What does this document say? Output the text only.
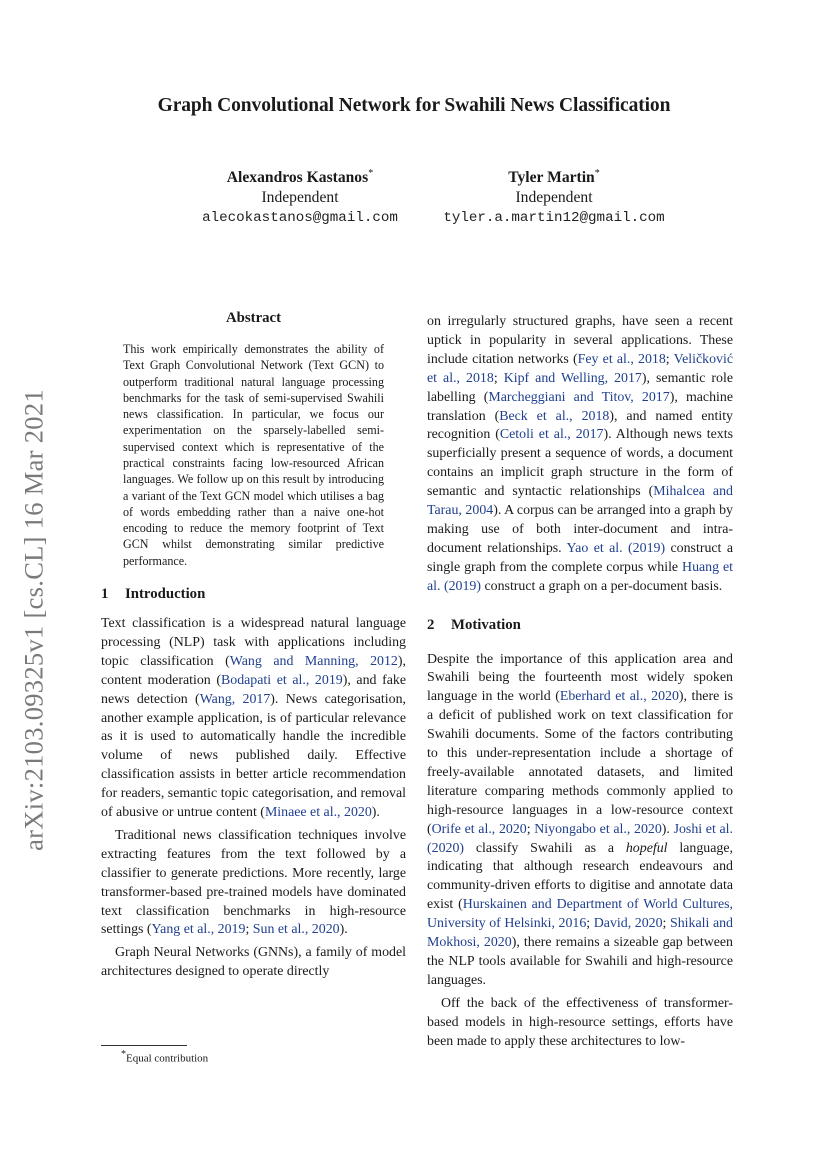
Graph Convolutional Network for Swahili News Classification
Alexandros Kastanos*
Independent
alecokastanos@gmail.com
Tyler Martin*
Independent
tyler.a.martin12@gmail.com
arXiv:2103.09325v1 [cs.CL] 16 Mar 2021
Abstract
This work empirically demonstrates the ability of Text Graph Convolutional Network (Text GCN) to outperform traditional natural language processing benchmarks for the task of semi-supervised Swahili news classification. In particular, we focus our experimentation on the sparsely-labelled semi-supervised context which is representative of the practical constraints facing low-resourced African languages. We follow up on this result by introducing a variant of the Text GCN model which utilises a bag of words embedding rather than a naive one-hot encoding to reduce the memory footprint of Text GCN whilst demonstrating similar predictive performance.
1 Introduction

Text classification is a widespread natural language processing (NLP) task with applications including topic classification (Wang and Manning, 2012), content moderation (Bodapati et al., 2019), and fake news detection (Wang, 2017). News categorisation, another example application, is of particular relevance as it is used to automatically handle the incredible volume of news published daily. Effective classification assists in better article recommendation for readers, semantic topic categorisation, and removal of abusive or untrue content (Minaee et al., 2020).

Traditional news classification techniques involve extracting features from the text followed by a classifier to generate predictions. More recently, large transformer-based pre-trained models have dominated text classification benchmarks in high-resource settings (Yang et al., 2019; Sun et al., 2020).

Graph Neural Networks (GNNs), a family of model architectures designed to operate directly

on irregularly structured graphs, have seen a recent uptick in popularity in several applications. These include citation networks (Fey et al., 2018; Veličković et al., 2018; Kipf and Welling, 2017), semantic role labelling (Marcheggiani and Titov, 2017), machine translation (Beck et al., 2018), and named entity recognition (Cetoli et al., 2017). Although news texts superficially present a sequence of words, a document contains an implicit graph structure in the form of semantic and syntactic relationships (Mihalcea and Tarau, 2004). A corpus can be arranged into a graph by making use of both inter-document and intra-document relationships. Yao et al. (2019) construct a single graph from the complete corpus while Huang et al. (2019) construct a graph on a per-document basis.

2 Motivation

Despite the importance of this application area and Swahili being the fourteenth most widely spoken language in the world (Eberhard et al., 2020), there is a deficit of published work on text classification for Swahili documents. Some of the factors contributing to this under-representation include a shortage of freely-available annotated datasets, and limited literature comparing methods commonly applied to high-resource languages in a low-resource context (Orife et al., 2020; Niyongabo et al., 2020). Joshi et al. (2020) classify Swahili as a hopeful language, indicating that although research endeavours and community-driven efforts to digitise and annotate data exist (Hurskainen and Department of World Cultures, University of Helsinki, 2016; David, 2020; Shikali and Mokhosi, 2020), there remains a sizeable gap between the NLP tools available for Swahili and high-resource languages.

Off the back of the effectiveness of transformer-based models in high-resource settings, efforts have been made to apply these architectures to low-

*Equal contribution
